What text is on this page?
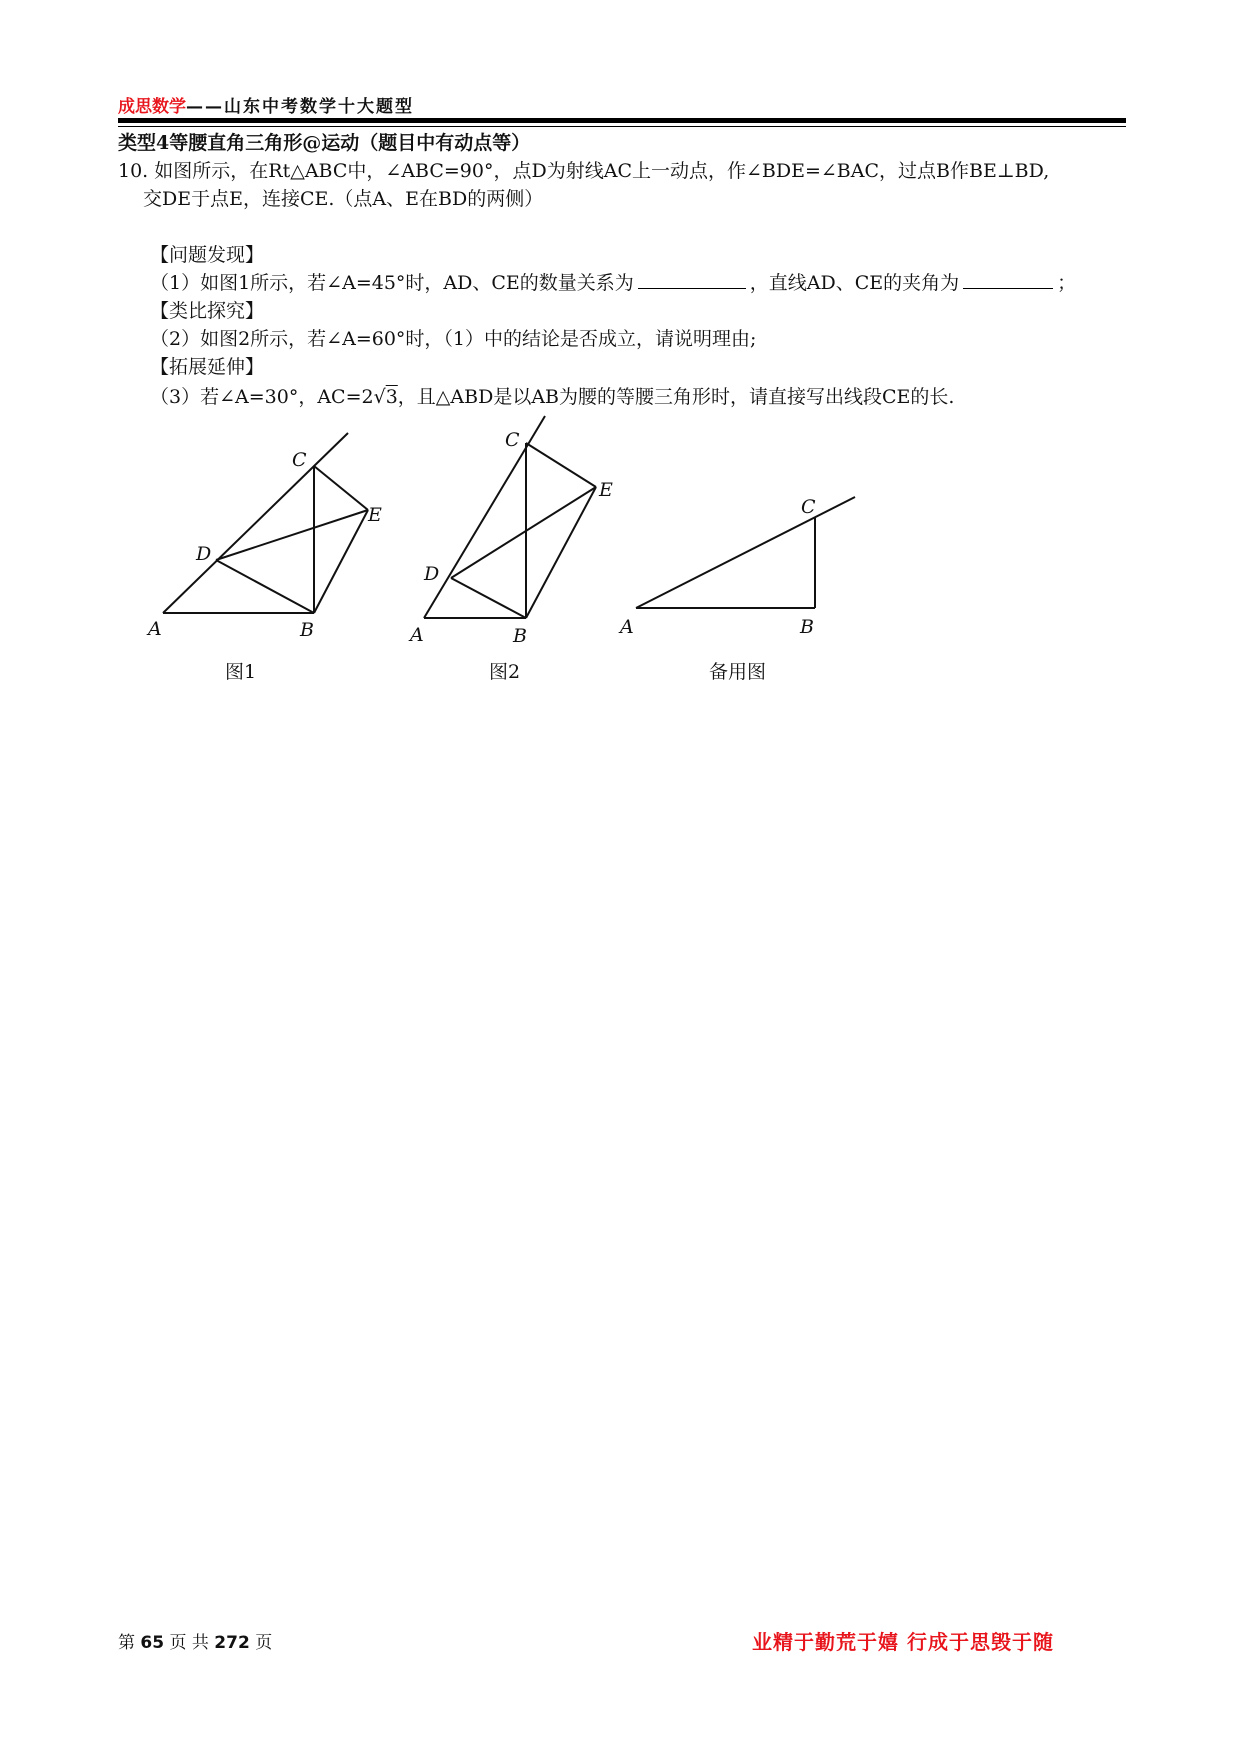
成思数学——山东中考数学十大题型
类型4等腰直角三角形@运动（题目中有动点等）
10. 如图所示，在Rt△ABC中，∠ABC=90°，点D为射线AC上一动点，作∠BDE=∠BAC，过点B作BE⊥BD,
交DE于点E，连接CE.（点A、E在BD的两侧）
【问题发现】
（1）如图1所示，若∠A=45°时，AD、CE的数量关系为	，直线AD、CE的夹角为	；
【类比探究】
（2）如图2所示，若∠A=60°时，（1）中的结论是否成立，请说明理由;
【拓展延伸】
（3）若∠A=30°，AC=2√3，且△ABD是以AB为腰的等腰三角形时，请直接写出线段CE的长.
A	B
C
D
E
图1
A	B
C
D
E
图2
A	B
C
备用图
第 65 页 共 272 页	业精于勤荒于嬉 行成于思毁于随
